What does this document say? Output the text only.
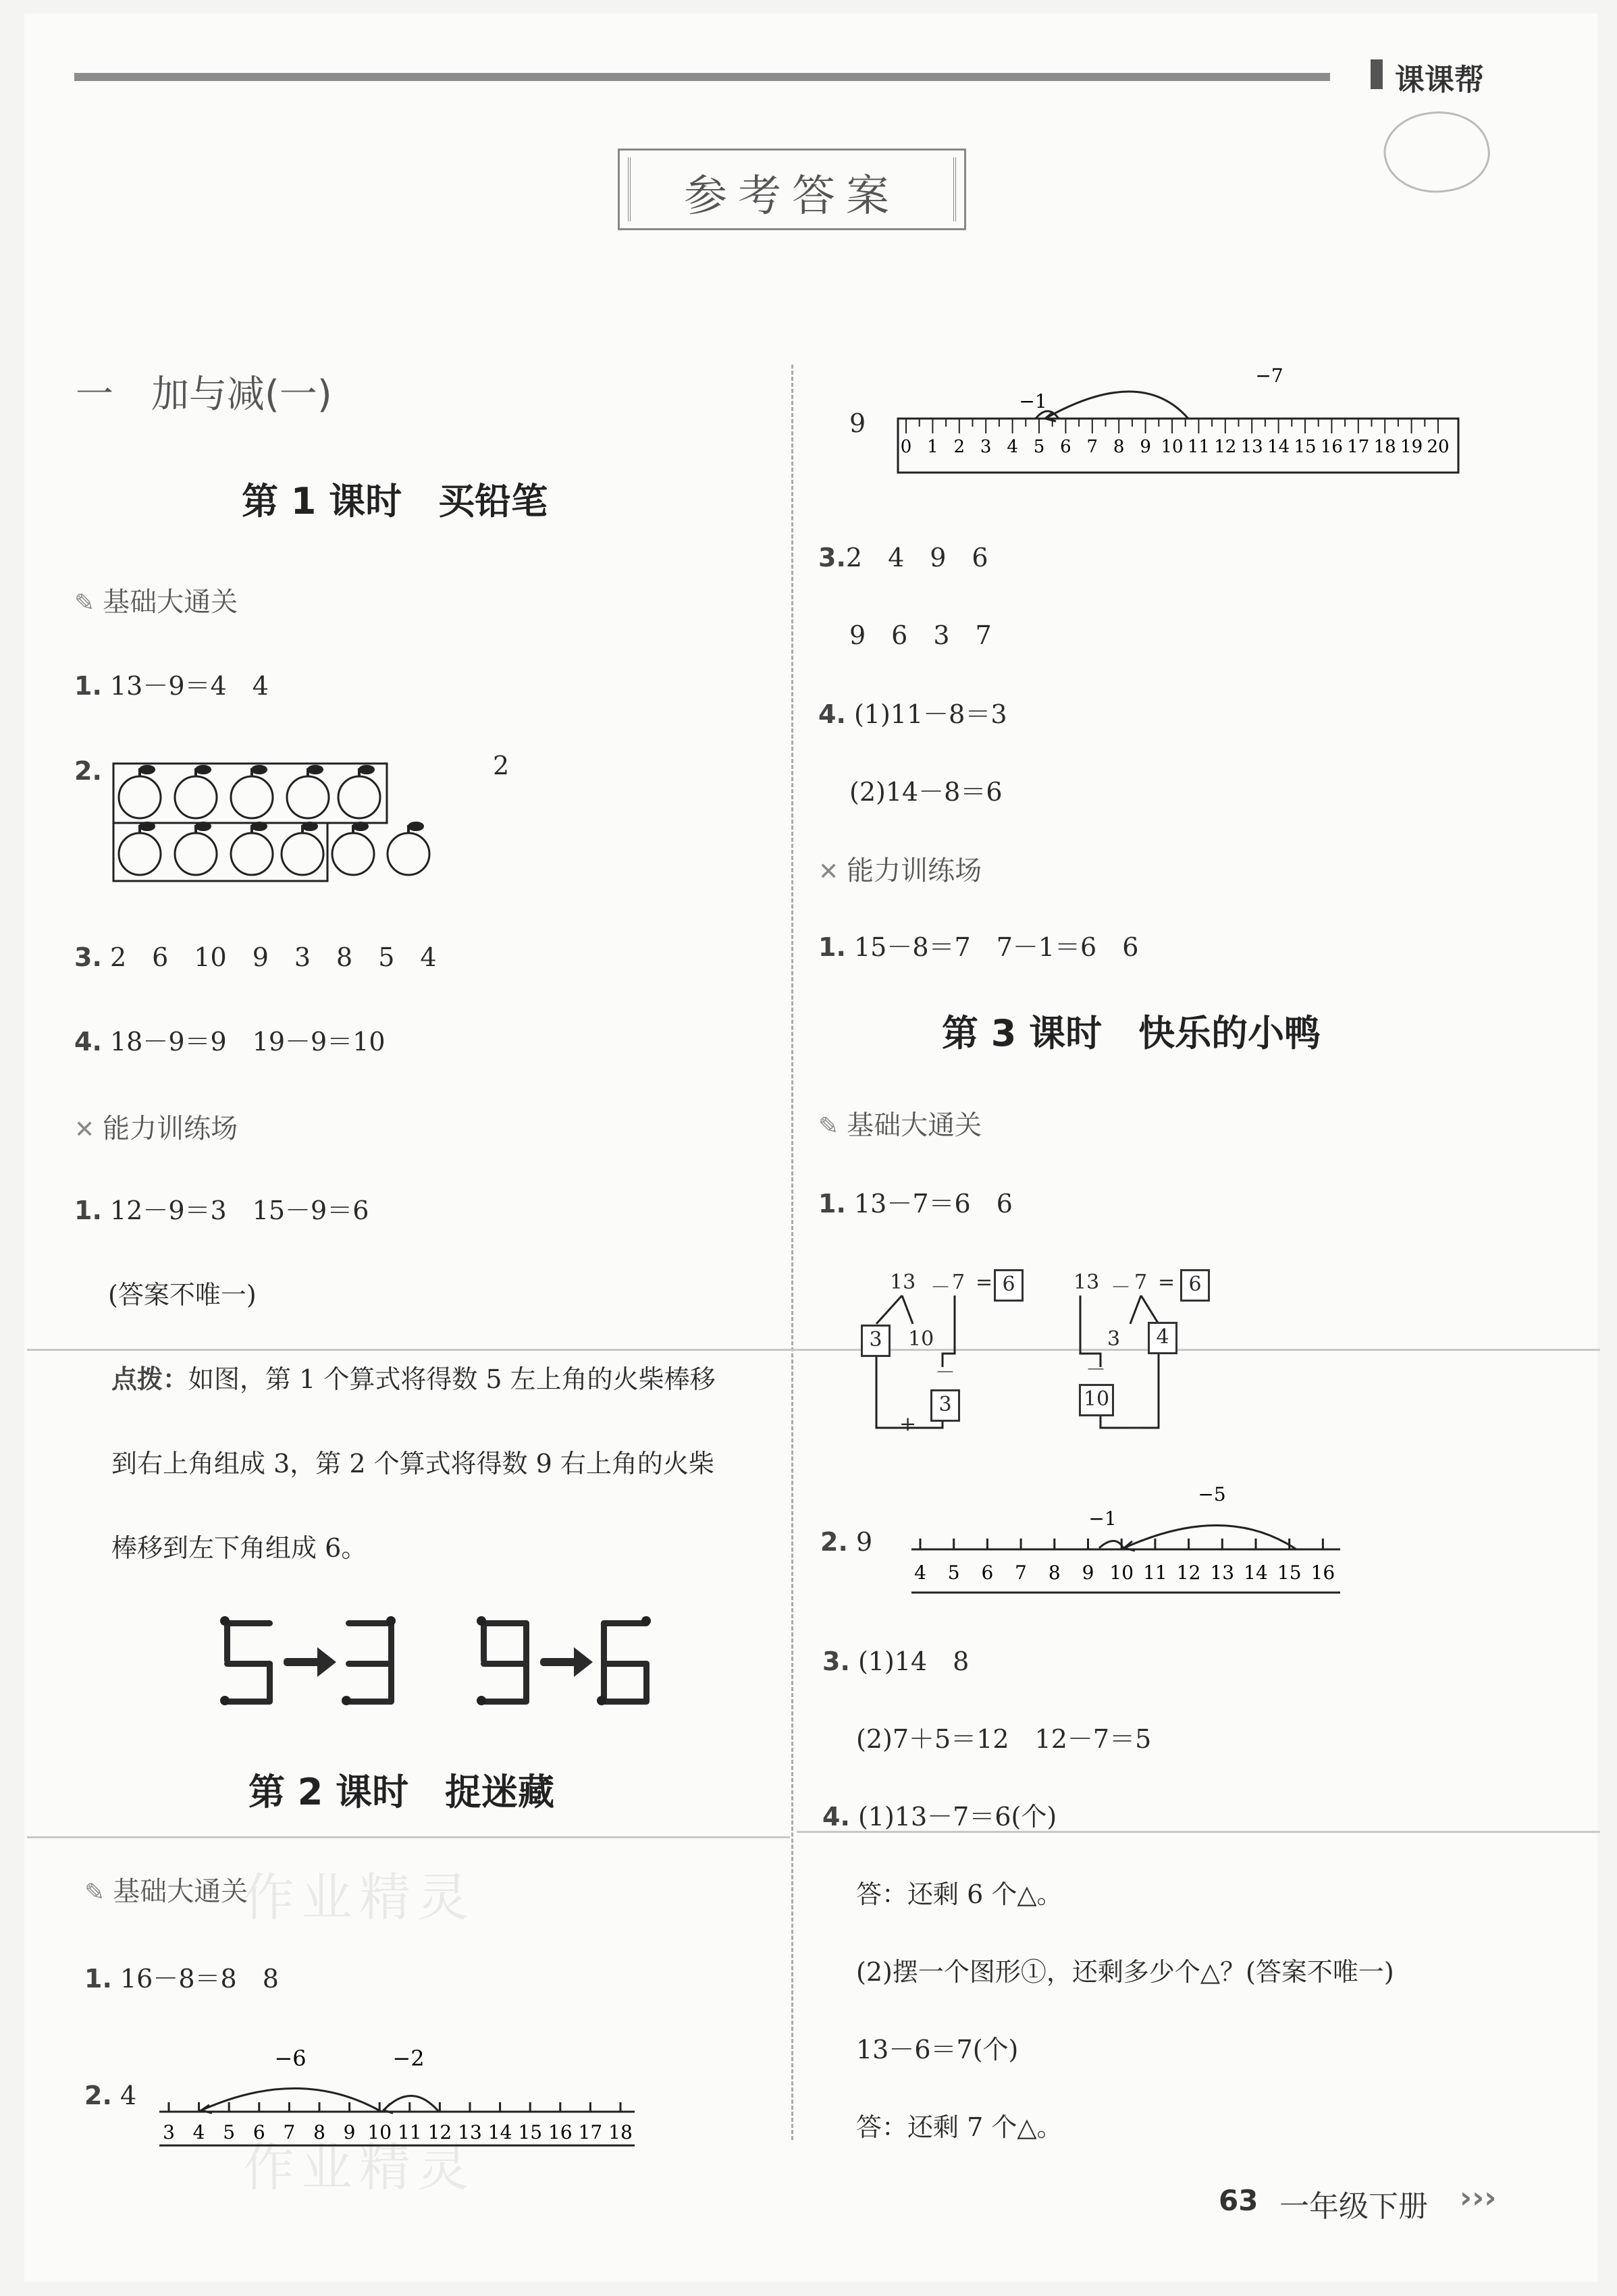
课课帮
参考答案
作业精灵
作业精灵
一　加与减(一)
第 1 课时　买铅笔
✎ 基础大通关
1. 13－9＝4　4
2.	2
3. 2　6　10　9　3　8　5　4
4. 18－9＝9　19－9＝10
✕ 能力训练场
1. 12－9＝3　15－9＝6
(答案不唯一)
点拨：如图，第 1 个算式将得数 5 左上角的火柴棒移
到右上角组成 3，第 2 个算式将得数 9 右上角的火柴
棒移到左下角组成 6。
第 2 课时　捉迷藏
✎ 基础大通关
1. 16－8＝8　8
2. 4
3 4 5 6 7 8 9 10 11 12 13 14 15 16 17 18
−6	−2
9
0 1 2 3 4 5 6 7 8 9 10 11 12 13 14 15 16 17 18 19 20
−1
−7
3.2　4　9　6
9　6　3　7
4. (1)11－8＝3
(2)14－8＝6
✕ 能力训练场
1. 15－8＝7　7－1＝6　6
第 3 课时　快乐的小鸭
✎ 基础大通关
1. 13－7＝6　6
13 － 7 = 6
3	10
－
3
+
13 － 7 = 6
3	4
－
10
－
2. 9
4 5 6 7 8 9 10 11 12 13 14 15 16
−1
−5
3. (1)14　8
(2)7＋5＝12　12－7＝5
4. (1)13－7＝6(个)
答：还剩 6 个△。
(2)摆一个图形①，还剩多少个△？(答案不唯一)
13－6＝7(个)
答：还剩 7 个△。
63 一年级下册 ›››
